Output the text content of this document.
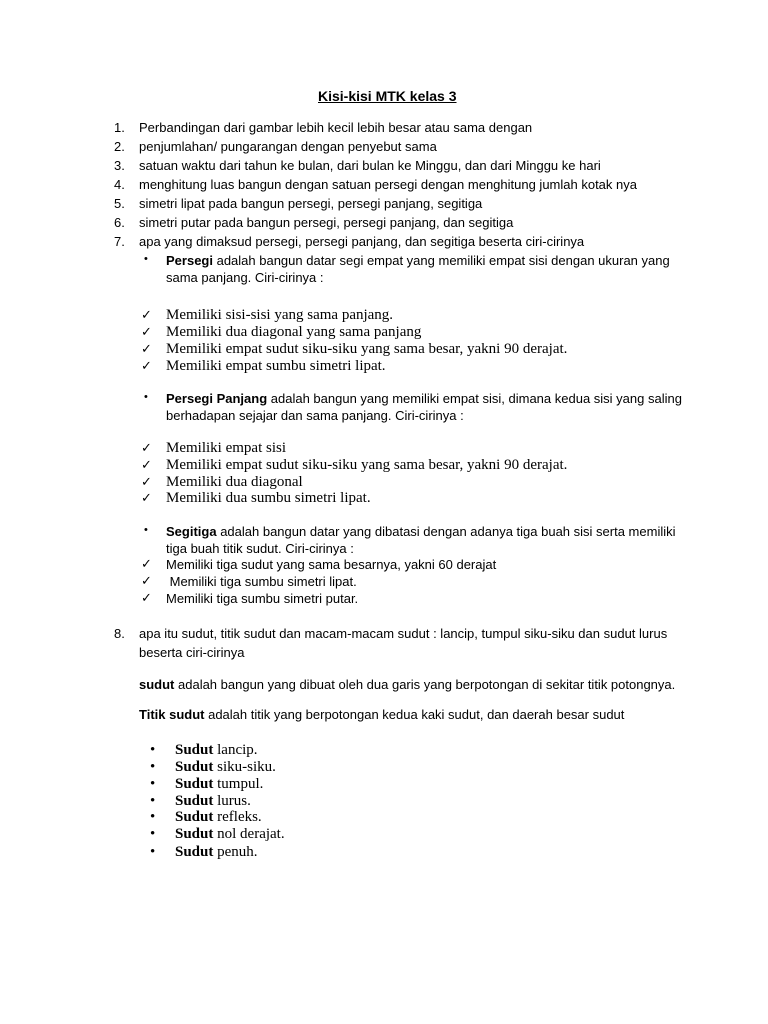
Kisi-kisi MTK kelas 3
1. Perbandingan dari gambar lebih kecil lebih besar atau sama dengan
2. penjumlahan/ pungarangan dengan penyebut sama
3. satuan waktu dari tahun ke bulan, dari bulan ke Minggu, dan dari Minggu ke hari
4. menghitung luas bangun dengan satuan persegi dengan menghitung jumlah kotak nya
5. simetri lipat pada bangun persegi, persegi panjang, segitiga
6. simetri putar pada bangun persegi, persegi panjang, dan segitiga
7. apa yang dimaksud persegi, persegi panjang, dan segitiga beserta ciri-cirinya
• Persegi adalah bangun datar segi empat yang memiliki empat sisi dengan ukuran yang
sama panjang. Ciri-cirinya :
✓ Memiliki sisi-sisi yang sama panjang.
✓ Memiliki dua diagonal yang sama panjang
✓ Memiliki empat sudut siku-siku yang sama besar, yakni 90 derajat.
✓ Memiliki empat sumbu simetri lipat.
• Persegi Panjang adalah bangun yang memiliki empat sisi, dimana kedua sisi yang saling
berhadapan sejajar dan sama panjang. Ciri-cirinya :
✓ Memiliki empat sisi
✓ Memiliki empat sudut siku-siku yang sama besar, yakni 90 derajat.
✓ Memiliki dua diagonal
✓ Memiliki dua sumbu simetri lipat.
• Segitiga adalah bangun datar yang dibatasi dengan adanya tiga buah sisi serta memiliki
tiga buah titik sudut. Ciri-cirinya :
✓ Memiliki tiga sudut yang sama besarnya, yakni 60 derajat
✓ Memiliki tiga sumbu simetri lipat.
✓ Memiliki tiga sumbu simetri putar.
8. apa itu sudut, titik sudut dan macam-macam sudut : lancip, tumpul siku-siku dan sudut lurus
beserta ciri-cirinya
sudut adalah bangun yang dibuat oleh dua garis yang berpotongan di sekitar titik potongnya.
Titik sudut adalah titik yang berpotongan kedua kaki sudut, dan daerah besar sudut
• Sudut lancip.
• Sudut siku-siku.
• Sudut tumpul.
• Sudut lurus.
• Sudut refleks.
• Sudut nol derajat.
• Sudut penuh.
